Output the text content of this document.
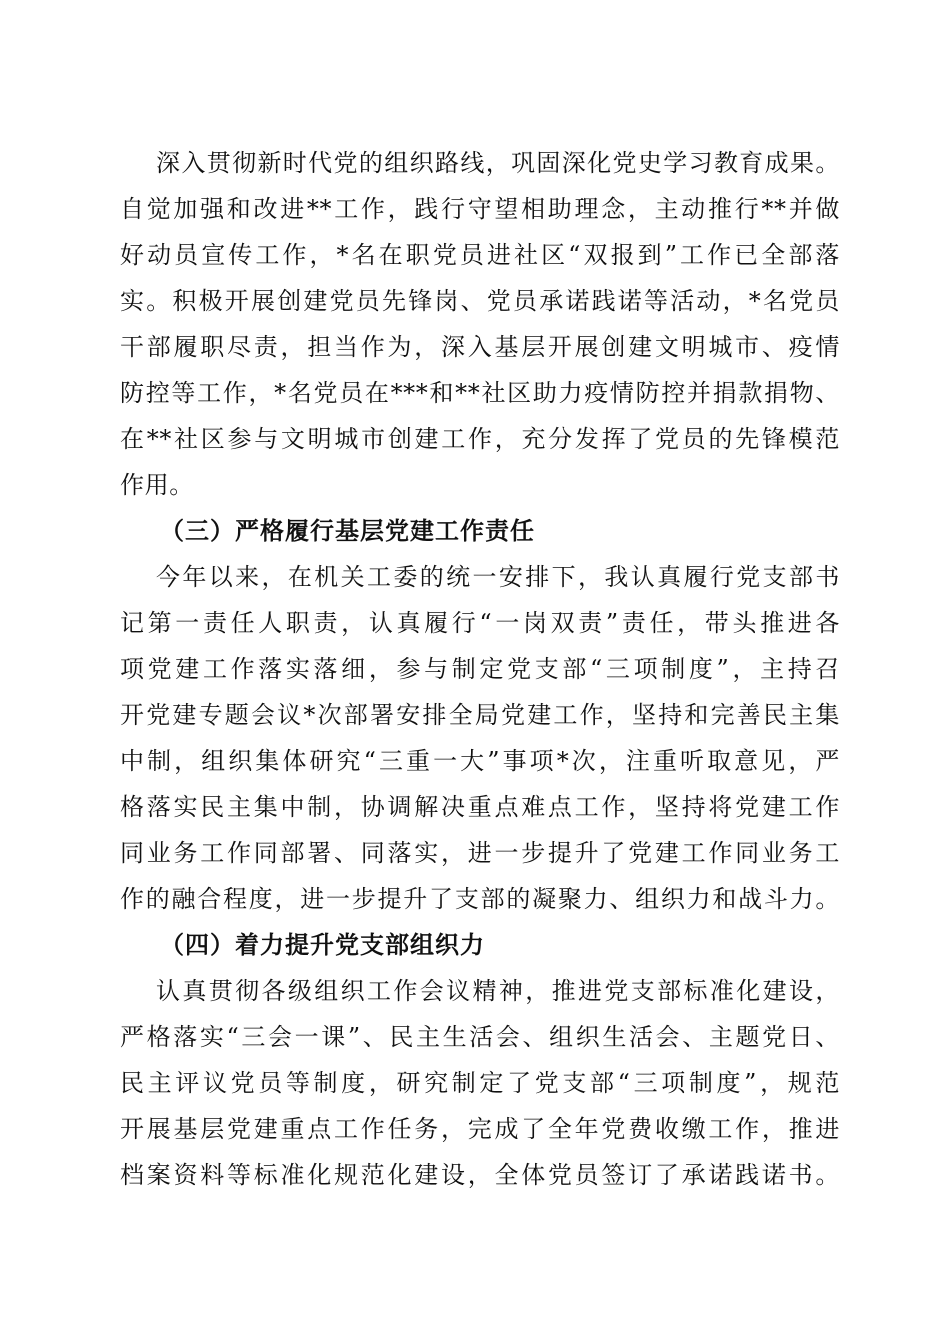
深入贯彻新时代党的组织路线，巩固深化党史学习教育成果。
自觉加强和改进**工作，践行守望相助理念，主动推行**并做
好动员宣传工作，*名在职党员进社区“双报到”工作已全部落
实。积极开展创建党员先锋岗、党员承诺践诺等活动，*名党员
干部履职尽责，担当作为，深入基层开展创建文明城市、疫情
防控等工作，*名党员在***和**社区助力疫情防控并捐款捐物、
在**社区参与文明城市创建工作，充分发挥了党员的先锋模范
作用。
（三）严格履行基层党建工作责任
今年以来，在机关工委的统一安排下，我认真履行党支部书
记第一责任人职责，认真履行“一岗双责”责任，带头推进各
项党建工作落实落细，参与制定党支部“三项制度”，主持召
开党建专题会议*次部署安排全局党建工作，坚持和完善民主集
中制，组织集体研究“三重一大”事项*次，注重听取意见，严
格落实民主集中制，协调解决重点难点工作，坚持将党建工作
同业务工作同部署、同落实，进一步提升了党建工作同业务工
作的融合程度，进一步提升了支部的凝聚力、组织力和战斗力。
（四）着力提升党支部组织力
认真贯彻各级组织工作会议精神，推进党支部标准化建设，
严格落实“三会一课”、民主生活会、组织生活会、主题党日、
民主评议党员等制度，研究制定了党支部“三项制度”，规范
开展基层党建重点工作任务，完成了全年党费收缴工作，推进
档案资料等标准化规范化建设，全体党员签订了承诺践诺书。
